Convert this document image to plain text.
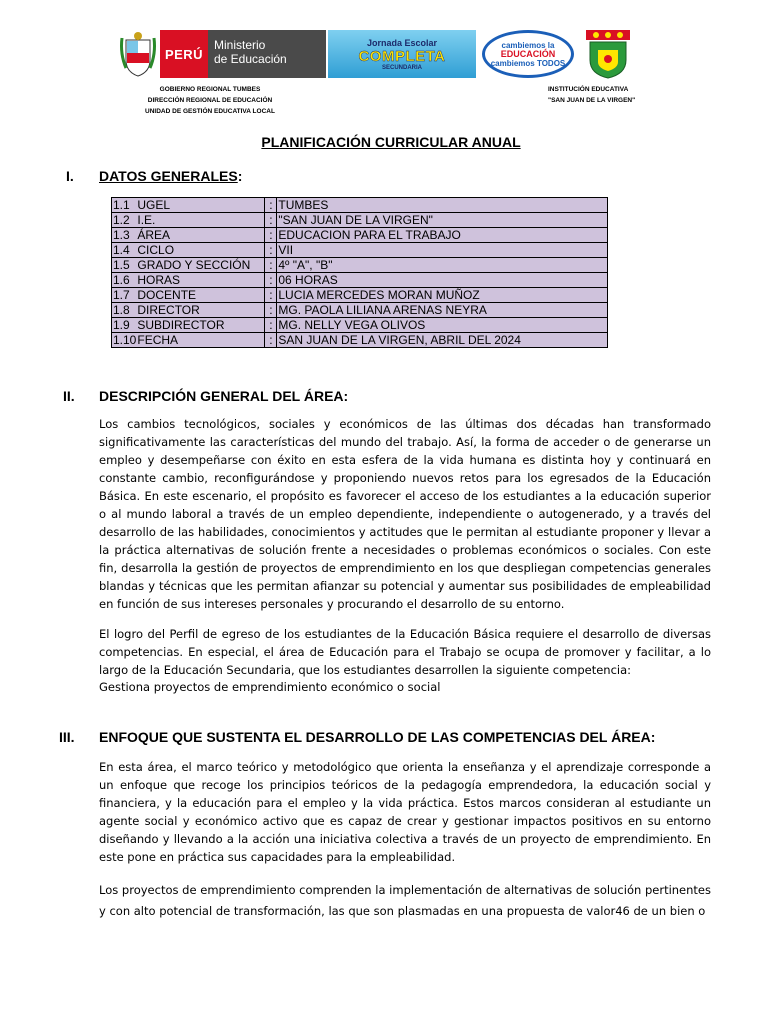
PERÚ
Ministerio
de Educación
Jornada Escolar
COMPLETA
SECUNDARIA
cambiemos la
EDUCACIÓN
cambiemos TODOS
GOBIERNO REGIONAL TUMBES
DIRECCIÓN REGIONAL DE EDUCACIÓN
UNIDAD DE GESTIÓN EDUCATIVA LOCAL
INSTITUCIÓN EDUCATIVA
"SAN JUAN DE LA VIRGEN"
PLANIFICACIÓN CURRICULAR ANUAL
I. DATOS GENERALES:
1.1	UGEL	:	TUMBES
1.2	I.E.	:	"SAN JUAN DE LA VIRGEN"
1.3	ÁREA	:	EDUCACION PARA EL TRABAJO
1.4	CICLO	:	VII
1.5	GRADO Y SECCIÓN	:	4º "A", "B"
1.6	HORAS	:	06 HORAS
1.7	DOCENTE	:	LUCIA MERCEDES MORAN MUÑOZ
1.8	DIRECTOR	:	MG. PAOLA LILIANA ARENAS NEYRA
1.9	SUBDIRECTOR	:	MG. NELLY VEGA OLIVOS
1.10	FECHA	:	SAN JUAN DE LA VIRGEN, ABRIL DEL 2024
II. DESCRIPCIÓN GENERAL DEL ÁREA:

Los cambios tecnológicos, sociales y económicos de las últimas dos décadas han transformado significativamente las características del mundo del trabajo. Así, la forma de acceder o de generarse un empleo y desempeñarse con éxito en esta esfera de la vida humana es distinta hoy y continuará en constante cambio, reconfigurándose y proponiendo nuevos retos para los egresados de la Educación Básica. En este escenario, el propósito es favorecer el acceso de los estudiantes a la educación superior o al mundo laboral a través de un empleo dependiente, independiente o autogenerado, y a través del desarrollo de las habilidades, conocimientos y actitudes que le permitan al estudiante proponer y llevar a la práctica alternativas de solución frente a necesidades o problemas económicos o sociales. Con este fin, desarrolla la gestión de proyectos de emprendimiento en los que despliegan competencias generales blandas y técnicas que les permitan afianzar su potencial y aumentar sus posibilidades de empleabilidad en función de sus intereses personales y procurando el desarrollo de su entorno.

El logro del Perfil de egreso de los estudiantes de la Educación Básica requiere el desarrollo de diversas competencias. En especial, el área de Educación para el Trabajo se ocupa de promover y facilitar, a lo largo de la Educación Secundaria, que los estudiantes desarrollen la siguiente competencia:

Gestiona proyectos de emprendimiento económico o social

III. ENFOQUE QUE SUSTENTA EL DESARROLLO DE LAS COMPETENCIAS DEL ÁREA:

En esta área, el marco teórico y metodológico que orienta la enseñanza y el aprendizaje corresponde a un enfoque que recoge los principios teóricos de la pedagogía emprendedora, la educación social y financiera, y la educación para el empleo y la vida práctica. Estos marcos consideran al estudiante un agente social y económico activo que es capaz de crear y gestionar impactos positivos en su entorno diseñando y llevando a la acción una iniciativa colectiva a través de un proyecto de emprendimiento. En este pone en práctica sus capacidades para la empleabilidad.

Los proyectos de emprendimiento comprenden la implementación de alternativas de solución pertinentes y con alto potencial de transformación, las que son plasmadas en una propuesta de valor46 de un bien o
